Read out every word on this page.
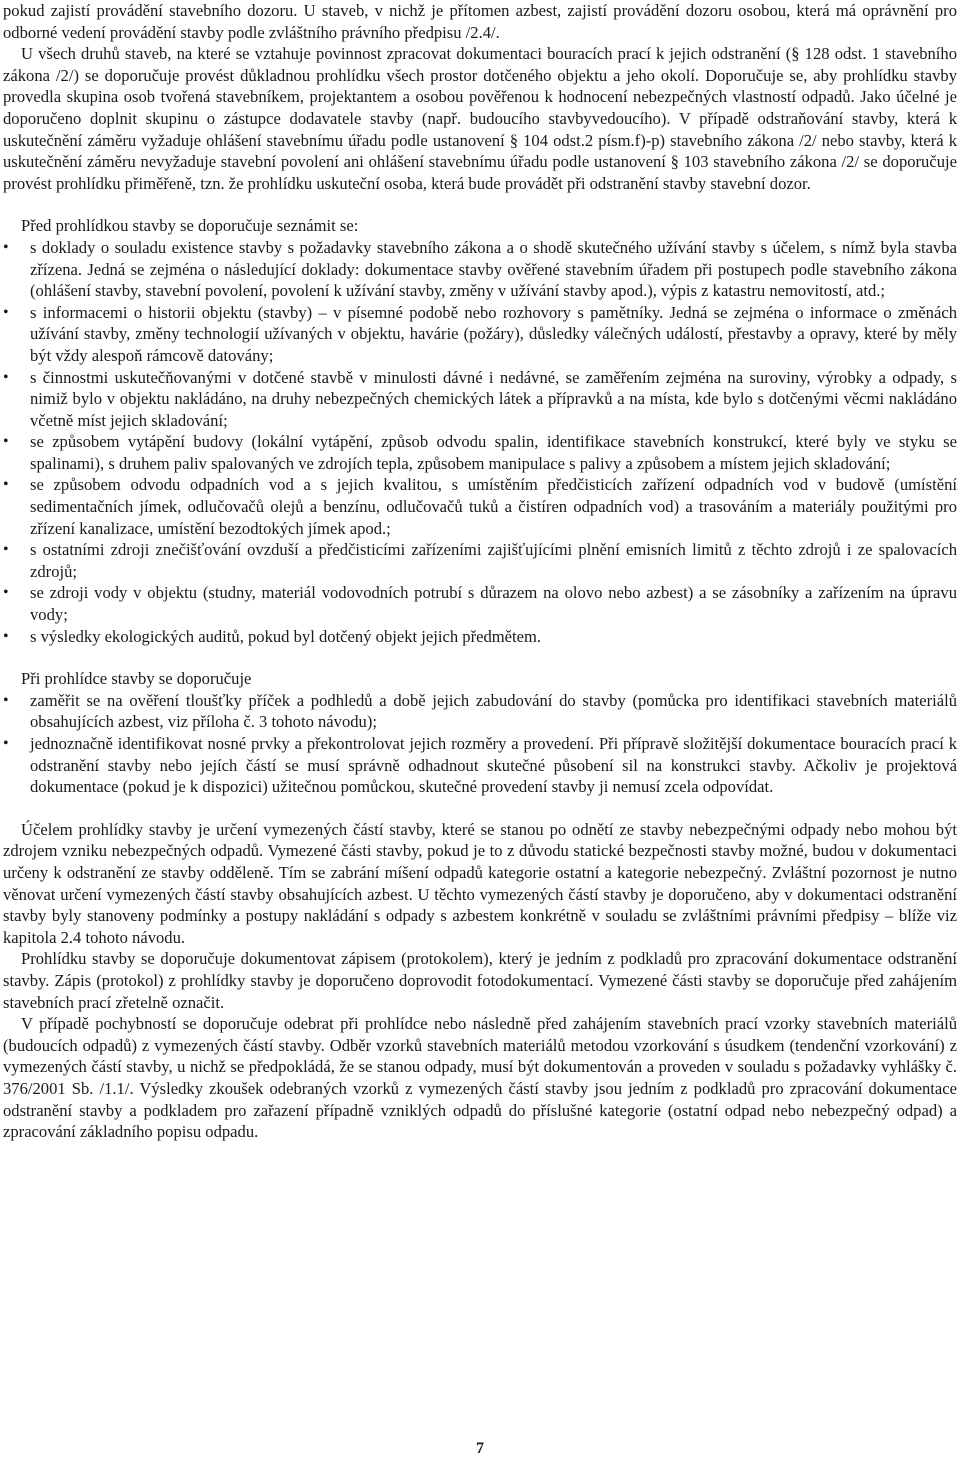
pokud zajistí provádění stavebního dozoru. U staveb, v nichž je přítomen azbest, zajistí provádění dozoru osobou, která má oprávnění pro odborné vedení provádění stavby podle zvláštního právního předpisu /2.4/.

U všech druhů staveb, na které se vztahuje povinnost zpracovat dokumentaci bouracích prací k jejich odstranění (§ 128 odst. 1 stavebního zákona /2/) se doporučuje provést důkladnou prohlídku všech prostor dotčeného objektu a jeho okolí. Doporučuje se, aby prohlídku stavby provedla skupina osob tvořená stavebníkem, projektantem a osobou pověřenou k hodnocení nebezpečných vlastností odpadů. Jako účelné je doporučeno doplnit skupinu o zástupce dodavatele stavby (např. budoucího stavbyvedoucího). V případě odstraňování stavby, která k uskutečnění záměru vyžaduje ohlášení stavebnímu úřadu podle ustanovení § 104 odst.2 písm.f)-p) stavebního zákona /2/ nebo stavby, která k uskutečnění záměru nevyžaduje stavební povolení ani ohlášení stavebnímu úřadu podle ustanovení § 103 stavebního zákona /2/ se doporučuje provést prohlídku přiměřeně, tzn. že prohlídku uskuteční osoba, která bude provádět při odstranění stavby stavební dozor.

Před prohlídkou stavby se doporučuje seznámit se:

• s doklady o souladu existence stavby s požadavky stavebního zákona a o shodě skutečného užívání stavby s účelem, s nímž byla stavba zřízena. Jedná se zejména o následující doklady: dokumentace stavby ověřené stavebním úřadem při postupech podle stavebního zákona (ohlášení stavby, stavební povolení, povolení k užívání stavby, změny v užívání stavby apod.), výpis z katastru nemovitostí, atd.;
• s informacemi o historii objektu (stavby) – v písemné podobě nebo rozhovory s pamětníky. Jedná se zejména o informace o změnách užívání stavby, změny technologií užívaných v objektu, havárie (požáry), důsledky válečných událostí, přestavby a opravy, které by měly být vždy alespoň rámcově datovány;
• s činnostmi uskutečňovanými v dotčené stavbě v minulosti dávné i nedávné, se zaměřením zejména na suroviny, výrobky a odpady, s nimiž bylo v objektu nakládáno, na druhy nebezpečných chemických látek a přípravků a na místa, kde bylo s dotčenými věcmi nakládáno včetně míst jejich skladování;
• se způsobem vytápění budovy (lokální vytápění, způsob odvodu spalin, identifikace stavebních konstrukcí, které byly ve styku se spalinami), s druhem paliv spalovaných ve zdrojích tepla, způsobem manipulace s palivy a způsobem a místem jejich skladování;
• se způsobem odvodu odpadních vod a s jejich kvalitou, s umístěním předčisticích zařízení odpadních vod v budově (umístění sedimentačních jímek, odlučovačů olejů a benzínu, odlučovačů tuků a čistíren odpadních vod) a trasováním a materiály použitými pro zřízení kanalizace, umístění bezodtokých jímek apod.;
• s ostatními zdroji znečišťování ovzduší a předčisticími zařízeními zajišťujícími plnění emisních limitů z těchto zdrojů i ze spalovacích zdrojů;
• se zdroji vody v objektu (studny, materiál vodovodních potrubí s důrazem na olovo nebo azbest) a se zásobníky a zařízením na úpravu vody;
• s výsledky ekologických auditů, pokud byl dotčený objekt jejich předmětem.

Při prohlídce stavby se doporučuje

• zaměřit se na ověření tloušťky příček a podhledů a době jejich zabudování do stavby (pomůcka pro identifikaci stavebních materiálů obsahujících azbest, viz příloha č. 3 tohoto návodu);
• jednoznačně identifikovat nosné prvky a překontrolovat jejich rozměry a provedení. Při přípravě složitější dokumentace bouracích prací k odstranění stavby nebo jejích částí se musí správně odhadnout skutečné působení sil na konstrukci stavby. Ačkoliv je projektová dokumentace (pokud je k dispozici) užitečnou pomůckou, skutečné provedení stavby ji nemusí zcela odpovídat.

Účelem prohlídky stavby je určení vymezených částí stavby, které se stanou po odnětí ze stavby nebezpečnými odpady nebo mohou být zdrojem vzniku nebezpečných odpadů. Vymezené části stavby, pokud je to z důvodu statické bezpečnosti stavby možné, budou v dokumentaci určeny k odstranění ze stavby odděleně. Tím se zabrání míšení odpadů kategorie ostatní a kategorie nebezpečný. Zvláštní pozornost je nutno věnovat určení vymezených částí stavby obsahujících azbest. U těchto vymezených částí stavby je doporučeno, aby v dokumentaci odstranění stavby byly stanoveny podmínky a postupy nakládání s odpady s azbestem konkrétně v souladu se zvláštními právními předpisy – blíže viz kapitola 2.4 tohoto návodu.

Prohlídku stavby se doporučuje dokumentovat zápisem (protokolem), který je jedním z podkladů pro zpracování dokumentace odstranění stavby. Zápis (protokol) z prohlídky stavby je doporučeno doprovodit fotodokumentací. Vymezené části stavby se doporučuje před zahájením stavebních prací zřetelně označit.

V případě pochybností se doporučuje odebrat při prohlídce nebo následně před zahájením stavebních prací vzorky stavebních materiálů (budoucích odpadů) z vymezených částí stavby. Odběr vzorků stavebních materiálů metodou vzorkování s úsudkem (tendenční vzorkování) z vymezených částí stavby, u nichž se předpokládá, že se stanou odpady, musí být dokumentován a proveden v souladu s požadavky vyhlášky č. 376/2001 Sb. /1.1/. Výsledky zkoušek odebraných vzorků z vymezených částí stavby jsou jedním z podkladů pro zpracování dokumentace odstranění stavby a podkladem pro zařazení případně vzniklých odpadů do příslušné kategorie (ostatní odpad nebo nebezpečný odpad) a zpracování základního popisu odpadu.

7
